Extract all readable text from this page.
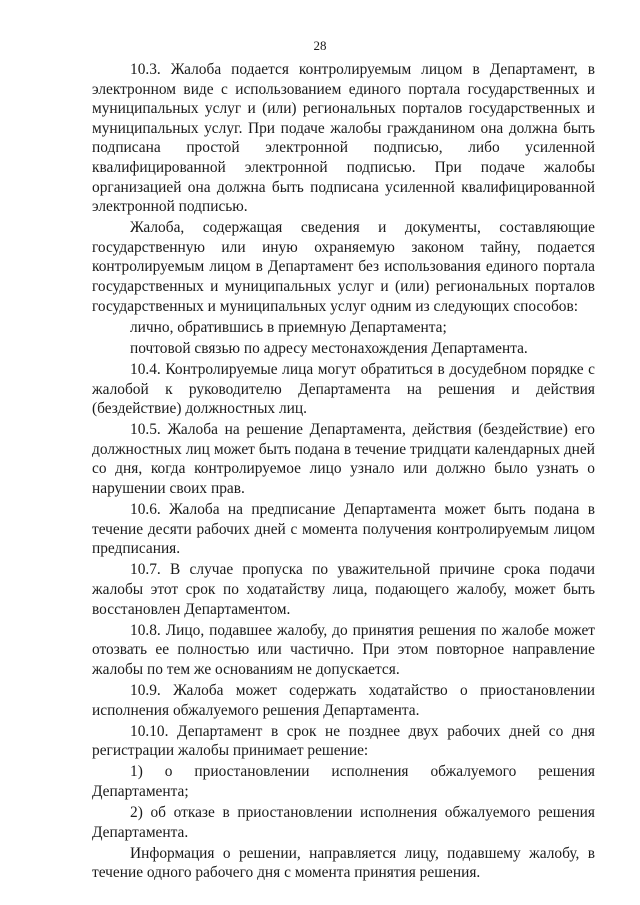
28

10.3. Жалоба подается контролируемым лицом в Департамент, в электронном виде с использованием единого портала государственных и муниципальных услуг и (или) региональных порталов государственных и муниципальных услуг. При подаче жалобы гражданином она должна быть подписана простой электронной подписью, либо усиленной квалифицированной электронной подписью. При подаче жалобы организацией она должна быть подписана усиленной квалифицированной электронной подписью.

Жалоба, содержащая сведения и документы, составляющие государственную или иную охраняемую законом тайну, подается контролируемым лицом в Департамент без использования единого портала государственных и муниципальных услуг и (или) региональных порталов государственных и муниципальных услуг одним из следующих способов:

лично, обратившись в приемную Департамента;

почтовой связью по адресу местонахождения Департамента.

10.4. Контролируемые лица могут обратиться в досудебном порядке с жалобой к руководителю Департамента на решения и действия (бездействие) должностных лиц.

10.5. Жалоба на решение Департамента, действия (бездействие) его должностных лиц может быть подана в течение тридцати календарных дней со дня, когда контролируемое лицо узнало или должно было узнать о нарушении своих прав.

10.6. Жалоба на предписание Департамента может быть подана в течение десяти рабочих дней с момента получения контролируемым лицом предписания.

10.7. В случае пропуска по уважительной причине срока подачи жалобы этот срок по ходатайству лица, подающего жалобу, может быть восстановлен Департаментом.

10.8. Лицо, подавшее жалобу, до принятия решения по жалобе может отозвать ее полностью или частично. При этом повторное направление жалобы по тем же основаниям не допускается.

10.9. Жалоба может содержать ходатайство о приостановлении исполнения обжалуемого решения Департамента.

10.10. Департамент в срок не позднее двух рабочих дней со дня регистрации жалобы принимает решение:

1) о приостановлении исполнения обжалуемого решения Департамента;

2) об отказе в приостановлении исполнения обжалуемого решения Департамента.

Информация о решении, направляется лицу, подавшему жалобу, в течение одного рабочего дня с момента принятия решения.
